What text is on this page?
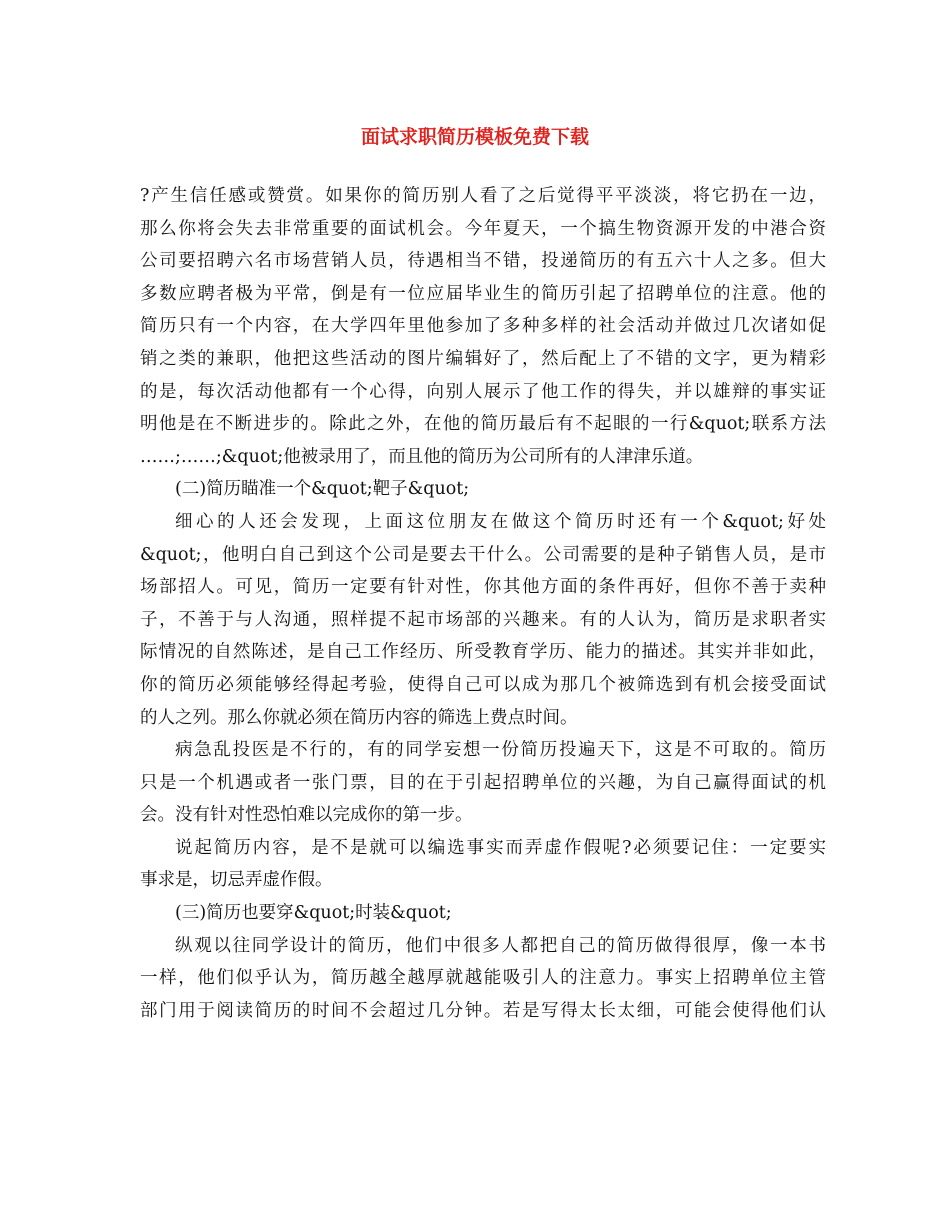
面试求职简历模板免费下载
?产生信任感或赞赏。如果你的简历别人看了之后觉得平平淡淡，将它扔在一边，
那么你将会失去非常重要的面试机会。今年夏天，一个搞生物资源开发的中港合资
公司要招聘六名市场营销人员，待遇相当不错，投递简历的有五六十人之多。但大
多数应聘者极为平常，倒是有一位应届毕业生的简历引起了招聘单位的注意。他的
简历只有一个内容，在大学四年里他参加了多种多样的社会活动并做过几次诸如促
销之类的兼职，他把这些活动的图片编辑好了，然后配上了不错的文字，更为精彩
的是，每次活动他都有一个心得，向别人展示了他工作的得失，并以雄辩的事实证
明他是在不断进步的。除此之外，在他的简历最后有不起眼的一行&quot;联系方法
……;……;&quot;他被录用了，而且他的简历为公司所有的人津津乐道。
(二)简历瞄准一个&quot;靶子&quot;
细心的人还会发现，上面这位朋友在做这个简历时还有一个&quot;好处
&quot;，他明白自己到这个公司是要去干什么。公司需要的是种子销售人员，是市
场部招人。可见，简历一定要有针对性，你其他方面的条件再好，但你不善于卖种
子，不善于与人沟通，照样提不起市场部的兴趣来。有的人认为，简历是求职者实
际情况的自然陈述，是自己工作经历、所受教育学历、能力的描述。其实并非如此，
你的简历必须能够经得起考验，使得自己可以成为那几个被筛选到有机会接受面试
的人之列。那么你就必须在简历内容的筛选上费点时间。
病急乱投医是不行的，有的同学妄想一份简历投遍天下，这是不可取的。简历
只是一个机遇或者一张门票，目的在于引起招聘单位的兴趣，为自己赢得面试的机
会。没有针对性恐怕难以完成你的第一步。
说起简历内容，是不是就可以编选事实而弄虚作假呢?必须要记住：一定要实
事求是，切忌弄虚作假。
(三)简历也要穿&quot;时装&quot;
纵观以往同学设计的简历，他们中很多人都把自己的简历做得很厚，像一本书
一样，他们似乎认为，简历越全越厚就越能吸引人的注意力。事实上招聘单位主管
部门用于阅读简历的时间不会超过几分钟。若是写得太长太细，可能会使得他们认
